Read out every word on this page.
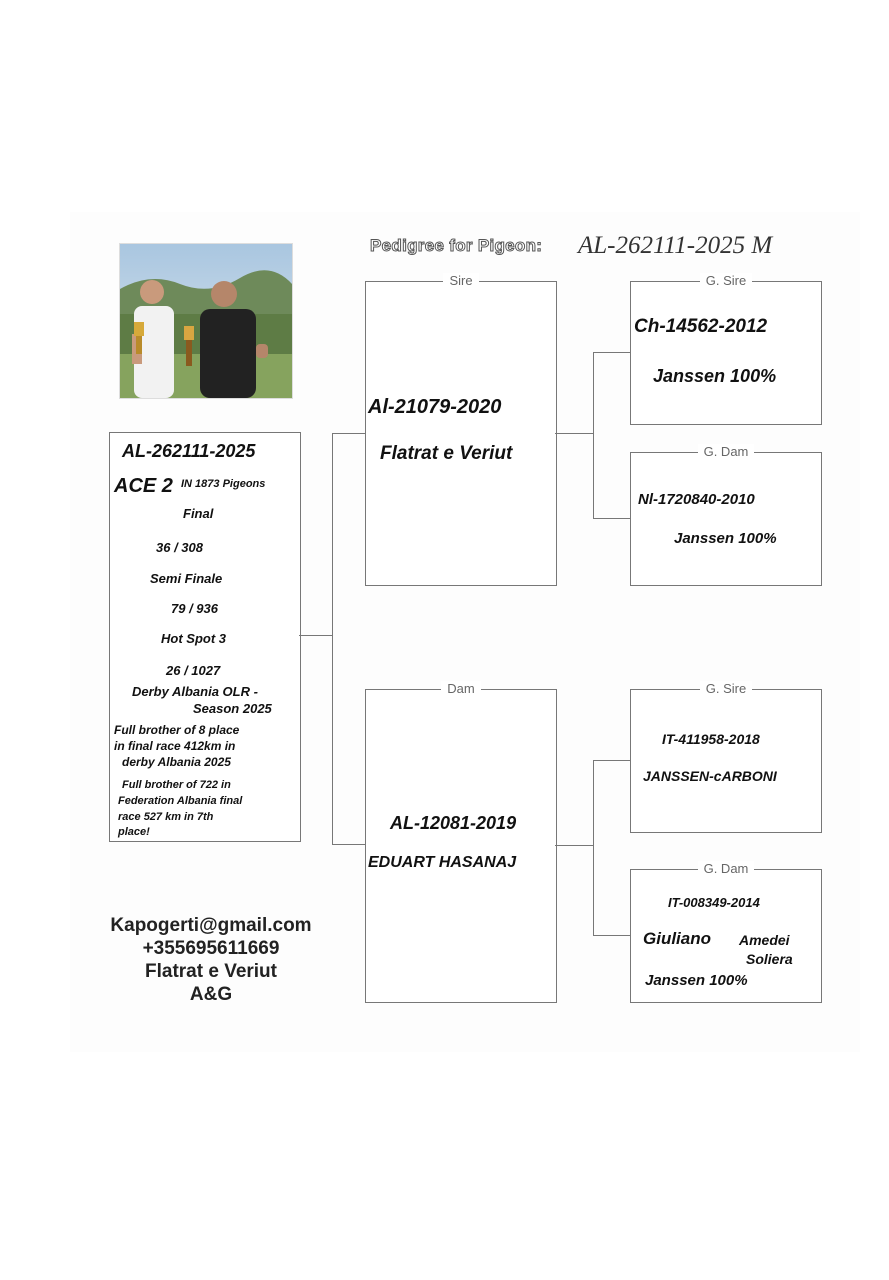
Pedigree for Pigeon: AL-262111-2025 M
AL-262111-2025
ACE 2 IN 1873 Pigeons
Final
36 / 308
Semi Finale
79 / 936
Hot Spot 3
26 / 1027
Derby Albania OLR -
Season 2025
Full brother of 8 place
in final race 412km in
derby Albania 2025
Full brother of 722 in
Federation Albania final
race 527 km in 7th
place!
Sire
Al-21079-2020
Flatrat e Veriut
Dam
AL-12081-2019
EDUART HASANAJ
G. Sire
Ch-14562-2012
Janssen 100%
G. Dam
Nl-1720840-2010
Janssen 100%
G. Sire
IT-411958-2018
JANSSEN-cARBONI
G. Dam
IT-008349-2014
Giuliano Amedei
Soliera
Janssen 100%
Kapogerti@gmail.com
+355695611669
Flatrat e Veriut
A&G
